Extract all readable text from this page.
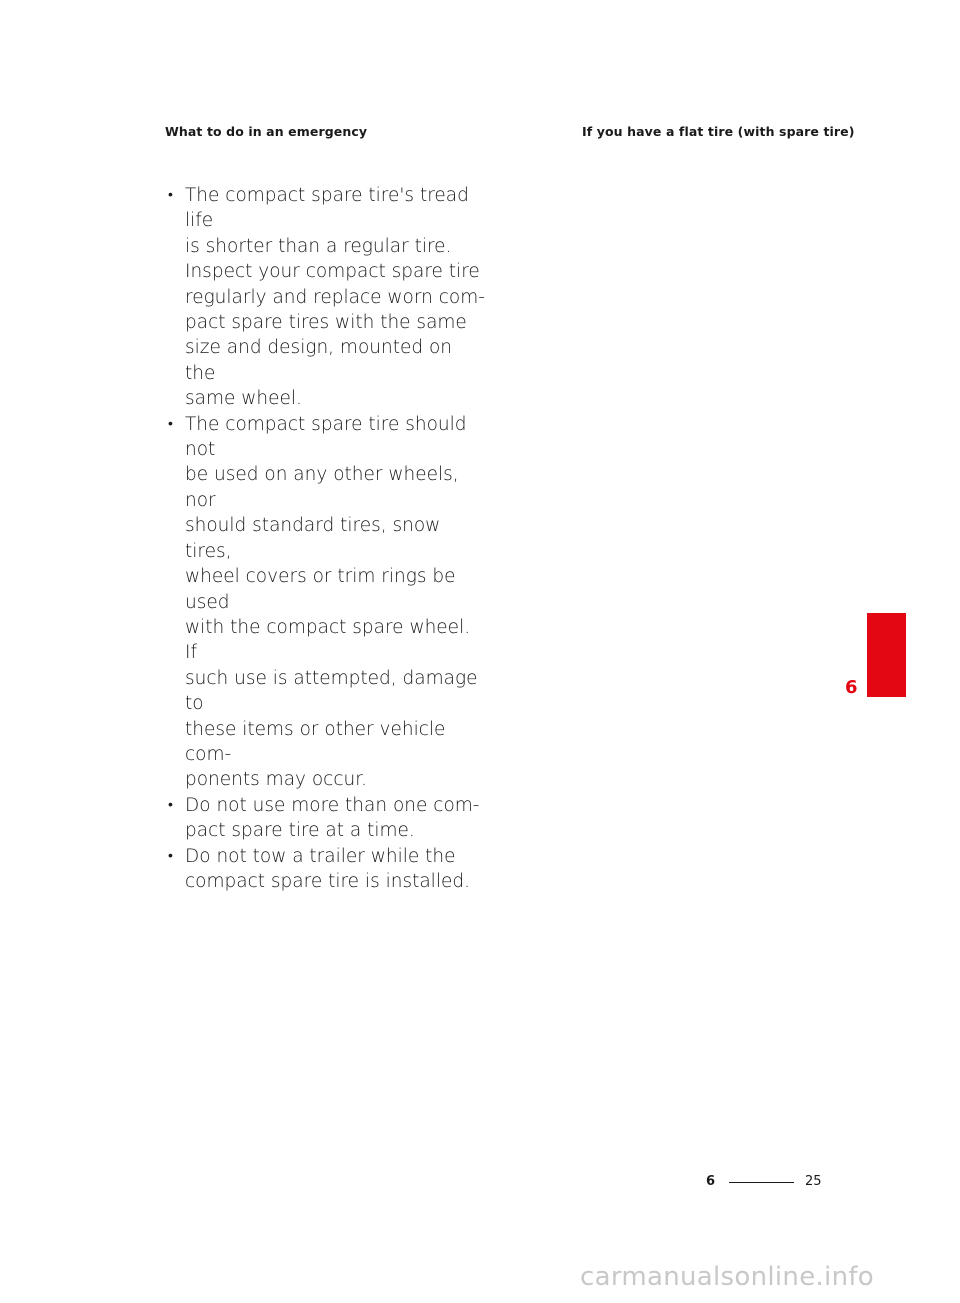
What to do in an emergency	If you have a flat tire (with spare tire)
• The compact spare tire's tread life
is shorter than a regular tire.
Inspect your compact spare tire
regularly and replace worn com-
pact spare tires with the same
size and design, mounted on the
same wheel.
• The compact spare tire should not
be used on any other wheels, nor
should standard tires, snow tires,
wheel covers or trim rings be used
with the compact spare wheel. If
such use is attempted, damage to
these items or other vehicle com-
ponents may occur.
• Do not use more than one com-
pact spare tire at a time.
• Do not tow a trailer while the
compact spare tire is installed.
6
6	25
carmanualsonline.info
